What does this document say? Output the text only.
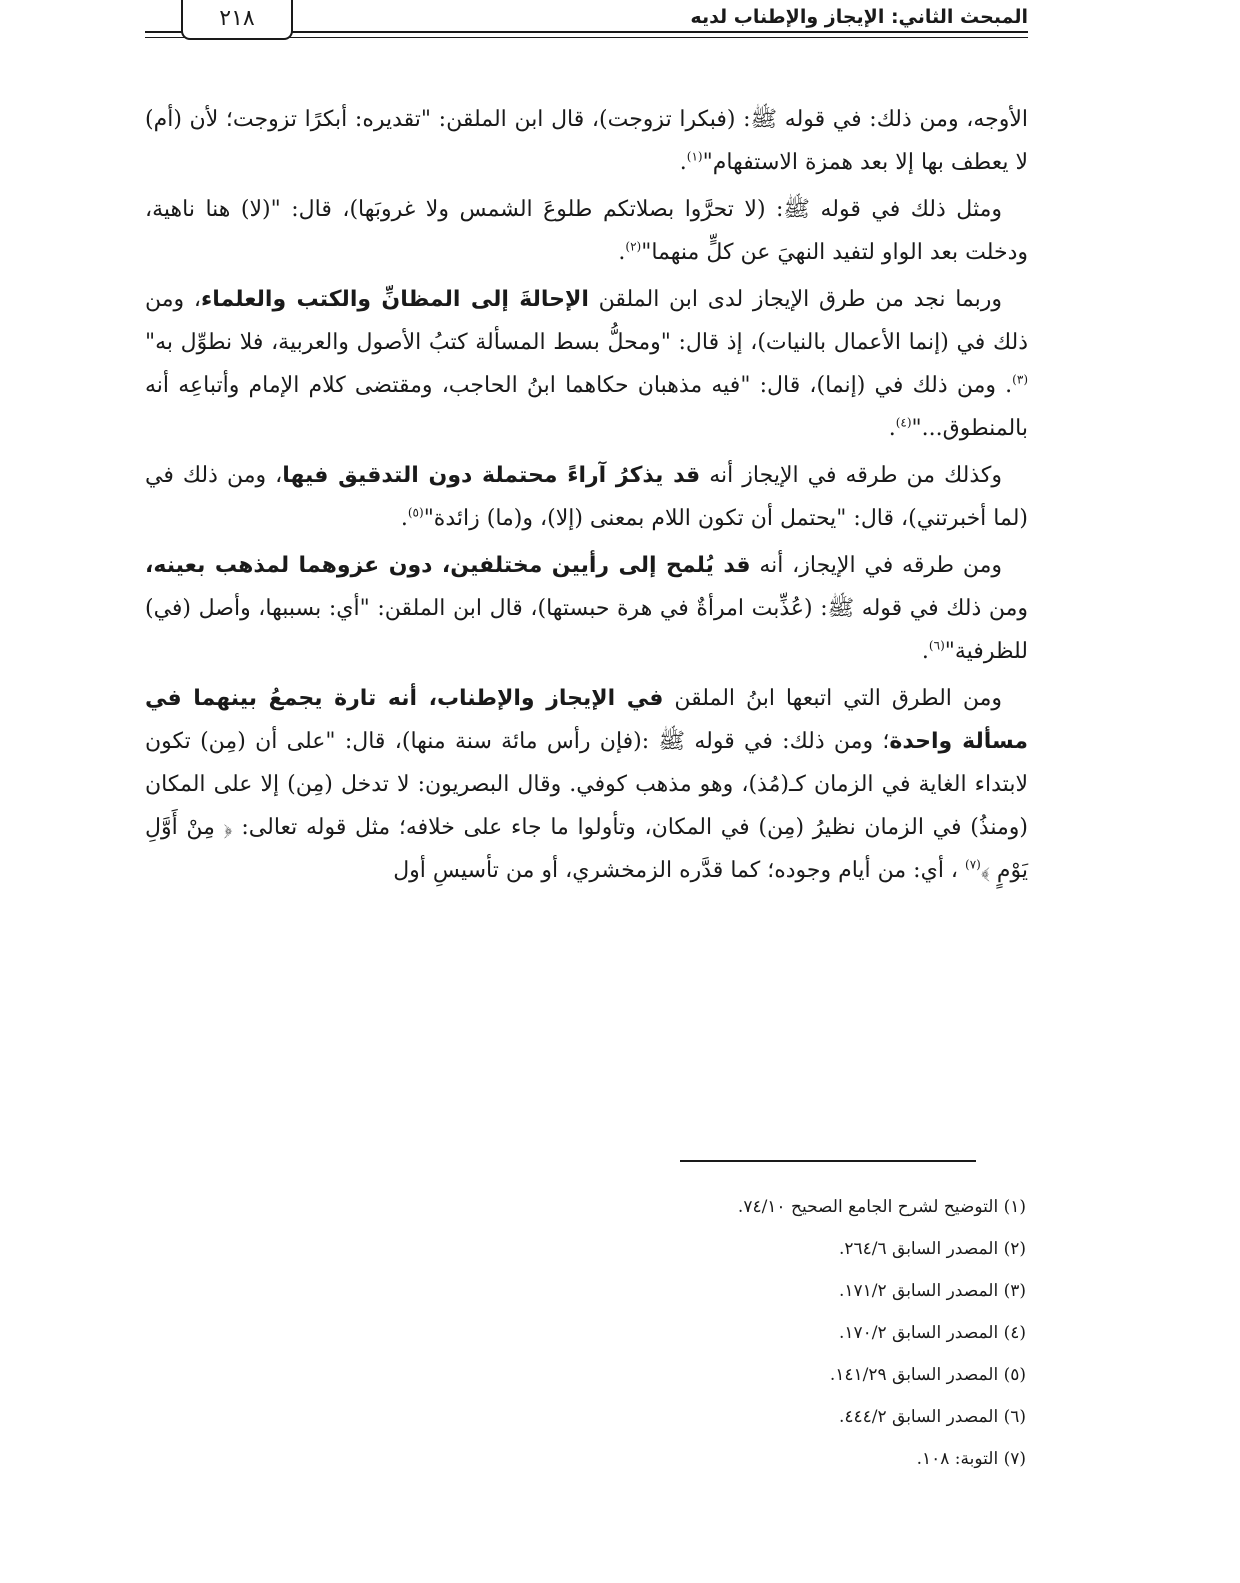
٢١٨	المبحث الثاني: الإيجاز والإطناب لديه

الأوجه، ومن ذلك: في قوله ﷺ: (فبكرا تزوجت)، قال ابن الملقن: "تقديره: أبكرًا تزوجت؛ لأن (أم) لا يعطف بها إلا بعد همزة الاستفهام"$^{(١)}$.

ومثل ذلك في قوله ﷺ: (لا تحرَّوا بصلاتكم طلوعَ الشمس ولا غروبَها)، قال: "(لا) هنا ناهية، ودخلت بعد الواو لتفيد النهيَ عن كلٍّ منهما"$^{(٢)}$.

وربما نجد من طرق الإيجاز لدى ابن الملقن الإحالةَ إلى المظانِّ والكتب والعلماء، ومن ذلك في (إنما الأعمال بالنيات)، إذ قال: "ومحلُّ بسط المسألة كتبُ الأصول والعربية، فلا نطوِّل به"$^{(٣)}$. ومن ذلك في (إنما)، قال: "فيه مذهبان حكاهما ابنُ الحاجب، ومقتضى كلام الإمام وأتباعِه أنه بالمنطوق..."$^{(٤)}$.

وكذلك من طرقه في الإيجاز أنه قد يذكرُ آراءً محتملة دون التدقيق فيها، ومن ذلك في (لما أخبرتني)، قال: "يحتمل أن تكون اللام بمعنى (إلا)، و(ما) زائدة"$^{(٥)}$.

ومن طرقه في الإيجاز، أنه قد يُلمح إلى رأيين مختلفين، دون عزوهما لمذهب بعينه، ومن ذلك في قوله ﷺ: (عُذِّبت امرأةٌ في هرة حبستها)، قال ابن الملقن: "أي: بسببها، وأصل (في) للظرفية"$^{(٦)}$.

ومن الطرق التي اتبعها ابنُ الملقن في الإيجاز والإطناب، أنه تارة يجمعُ بينهما في مسألة واحدة؛ ومن ذلك: في قوله ﷺ :(فإن رأس مائة سنة منها)، قال: "على أن (مِن) تكون لابتداء الغاية في الزمان كـ(مُذ)، وهو مذهب كوفي. وقال البصريون: لا تدخل (مِن) إلا على المكان (ومنذُ) في الزمان نظيرُ (مِن) في المكان، وتأولوا ما جاء على خلافه؛ مثل قوله تعالى: ﴿ مِنْ أَوَّلِ يَوْمٍ ﴾$^{(٧)}$ ، أي: من أيام وجوده؛ كما قدَّره الزمخشري، أو من تأسيسِ أول

(١) التوضيح لشرح الجامع الصحيح ٧٤/١٠.
(٢) المصدر السابق ٢٦٤/٦.
(٣) المصدر السابق ١٧١/٢.
(٤) المصدر السابق ١٧٠/٢.
(٥) المصدر السابق ١٤١/٢٩.
(٦) المصدر السابق ٤٤٤/٢.
(٧) التوبة: ١٠٨.
